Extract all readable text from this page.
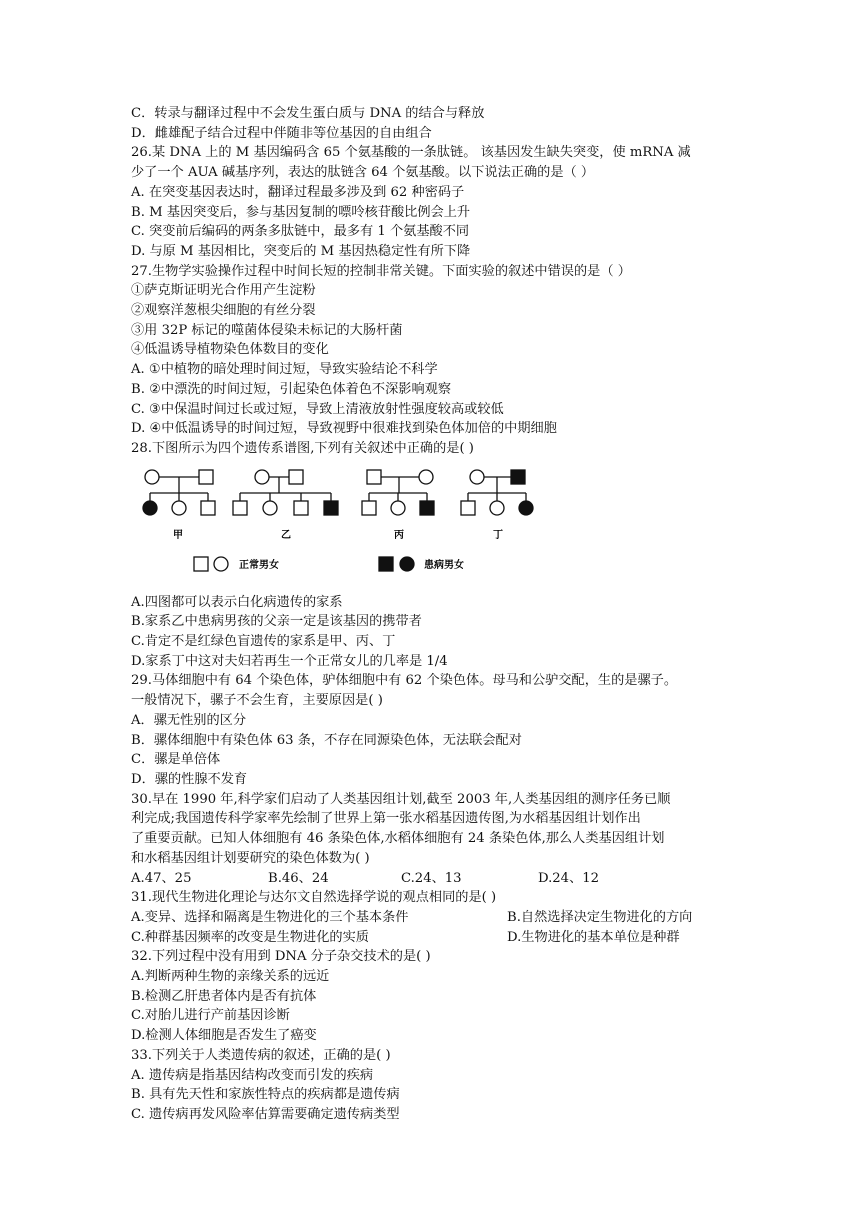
C．转录与翻译过程中不会发生蛋白质与 DNA 的结合与释放
D．雌雄配子结合过程中伴随非等位基因的自由组合
26.某 DNA 上的 M 基因编码含 65 个氨基酸的一条肽链。 该基因发生缺失突变，使 mRNA 减
少了一个 AUA 碱基序列，表达的肽链含 64 个氨基酸。以下说法正确的是（ ）
A. 在突变基因表达时，翻译过程最多涉及到 62 种密码子
B. M 基因突变后，参与基因复制的嘌呤核苷酸比例会上升
C. 突变前后编码的两条多肽链中，最多有 1 个氨基酸不同
D. 与原 M 基因相比，突变后的 M 基因热稳定性有所下降
27.生物学实验操作过程中时间长短的控制非常关键。下面实验的叙述中错误的是（ ）
①萨克斯证明光合作用产生淀粉
②观察洋葱根尖细胞的有丝分裂
③用 32P 标记的噬菌体侵染未标记的大肠杆菌
④低温诱导植物染色体数目的变化
A. ①中植物的暗处理时间过短，导致实验结论不科学
B. ②中漂洗的时间过短，引起染色体着色不深影响观察
C. ③中保温时间过长或过短，导致上清液放射性强度较高或较低
D. ④中低温诱导的时间过短，导致视野中很难找到染色体加倍的中期细胞
28.下图所示为四个遗传系谱图,下列有关叙述中正确的是( )
甲	乙	丙	丁
正常男女	患病男女
A.四图都可以表示白化病遗传的家系
B.家系乙中患病男孩的父亲一定是该基因的携带者
C.肯定不是红绿色盲遗传的家系是甲、丙、丁
D.家系丁中这对夫妇若再生一个正常女儿的几率是 1/4
29.马体细胞中有 64 个染色体，驴体细胞中有 62 个染色体。母马和公驴交配，生的是骡子。
一般情况下，骡子不会生育，主要原因是( )
A．骡无性别的区分
B．骡体细胞中有染色体 63 条，不存在同源染色体，无法联会配对
C．骡是单倍体
D．骡的性腺不发育
30.早在 1990 年,科学家们启动了人类基因组计划,截至 2003 年,人类基因组的测序任务已顺
利完成;我国遗传科学家率先绘制了世界上第一张水稻基因遗传图,为水稻基因组计划作出
了重要贡献。已知人体细胞有 46 条染色体,水稻体细胞有 24 条染色体,那么人类基因组计划
和水稻基因组计划要研究的染色体数为( )
A.47、25	B.46、24	C.24、13	D.24、12
31.现代生物进化理论与达尔文自然选择学说的观点相同的是( )
A.变异、选择和隔离是生物进化的三个基本条件	B.自然选择决定生物进化的方向
C.种群基因频率的改变是生物进化的实质	D.生物进化的基本单位是种群
32.下列过程中没有用到 DNA 分子杂交技术的是( )
A.判断两种生物的亲缘关系的远近
B.检测乙肝患者体内是否有抗体
C.对胎儿进行产前基因诊断
D.检测人体细胞是否发生了癌变
33.下列关于人类遗传病的叙述，正确的是( )
A. 遗传病是指基因结构改变而引发的疾病
B. 具有先天性和家族性特点的疾病都是遗传病
C. 遗传病再发风险率估算需要确定遗传病类型
